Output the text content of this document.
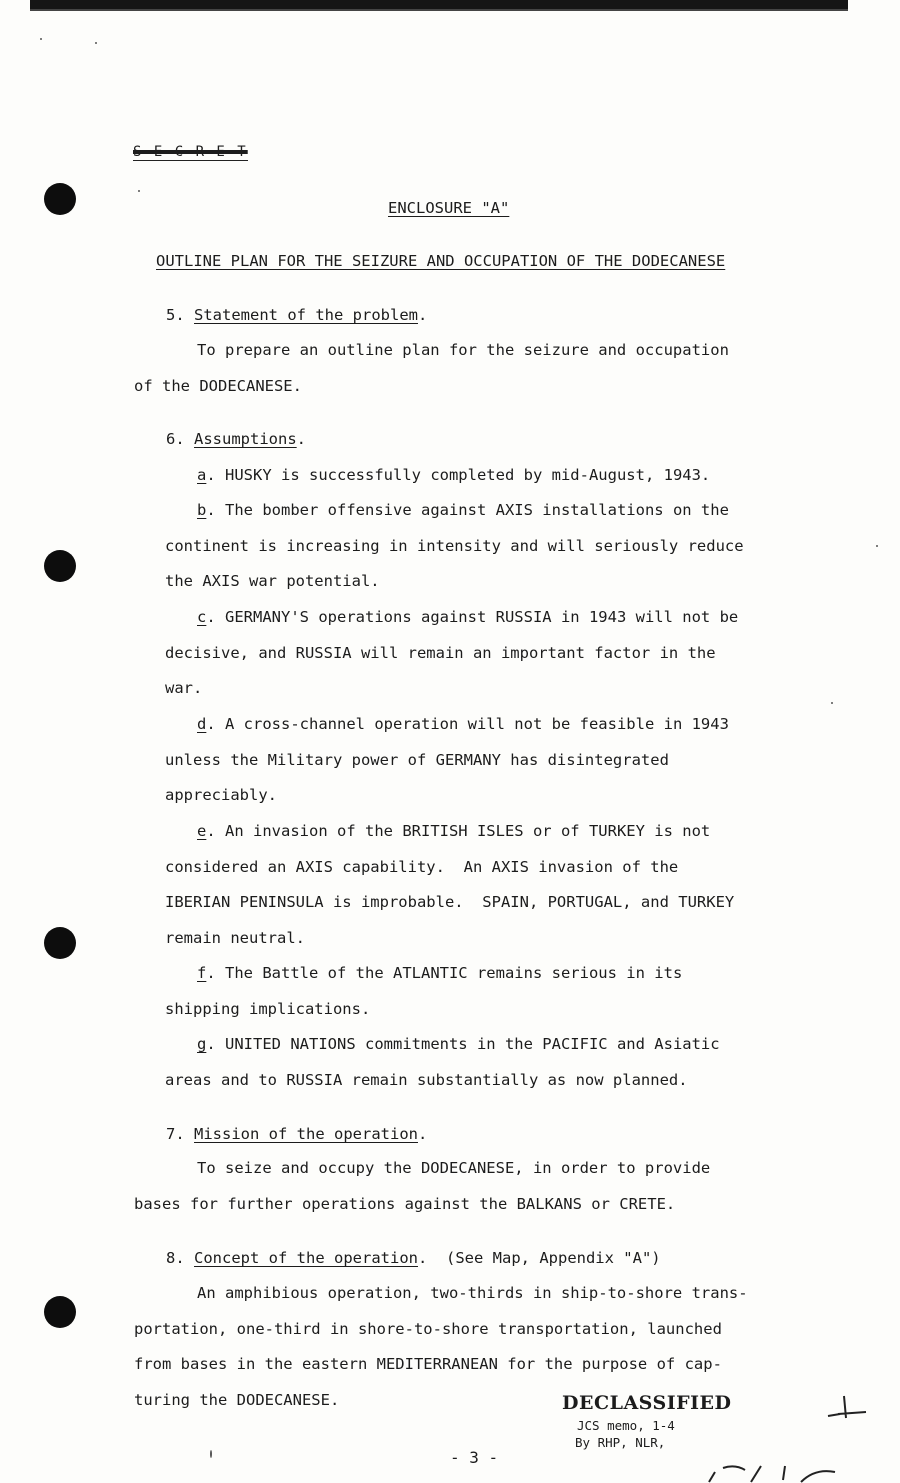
S E C R E T
ENCLOSURE "A"
OUTLINE PLAN FOR THE SEIZURE AND OCCUPATION OF THE DODECANESE
5. Statement of the problem.
To prepare an outline plan for the seizure and occupation
of the DODECANESE.
6. Assumptions.
a. HUSKY is successfully completed by mid-August, 1943.
b. The bomber offensive against AXIS installations on the
continent is increasing in intensity and will seriously reduce
the AXIS war potential.
c. GERMANY'S operations against RUSSIA in 1943 will not be
decisive, and RUSSIA will remain an important factor in the
war.
d. A cross-channel operation will not be feasible in 1943
unless the Military power of GERMANY has disintegrated
appreciably.
e. An invasion of the BRITISH ISLES or of TURKEY is not
considered an AXIS capability.  An AXIS invasion of the
IBERIAN PENINSULA is improbable.  SPAIN, PORTUGAL, and TURKEY
remain neutral.
f. The Battle of the ATLANTIC remains serious in its
shipping implications.
g. UNITED NATIONS commitments in the PACIFIC and Asiatic
areas and to RUSSIA remain substantially as now planned.
7. Mission of the operation.
To seize and occupy the DODECANESE, in order to provide
bases for further operations against the BALKANS or CRETE.
8. Concept of the operation. (See Map, Appendix "A")
An amphibious operation, two-thirds in ship-to-shore trans-
portation, one-third in shore-to-shore transportation, launched
from bases in the eastern MEDITERRANEAN for the purpose of cap-
turing the DODECANESE.	DECLASSIFIED
JCS memo, 1-4
By RHP, NLR,
- 3 -
